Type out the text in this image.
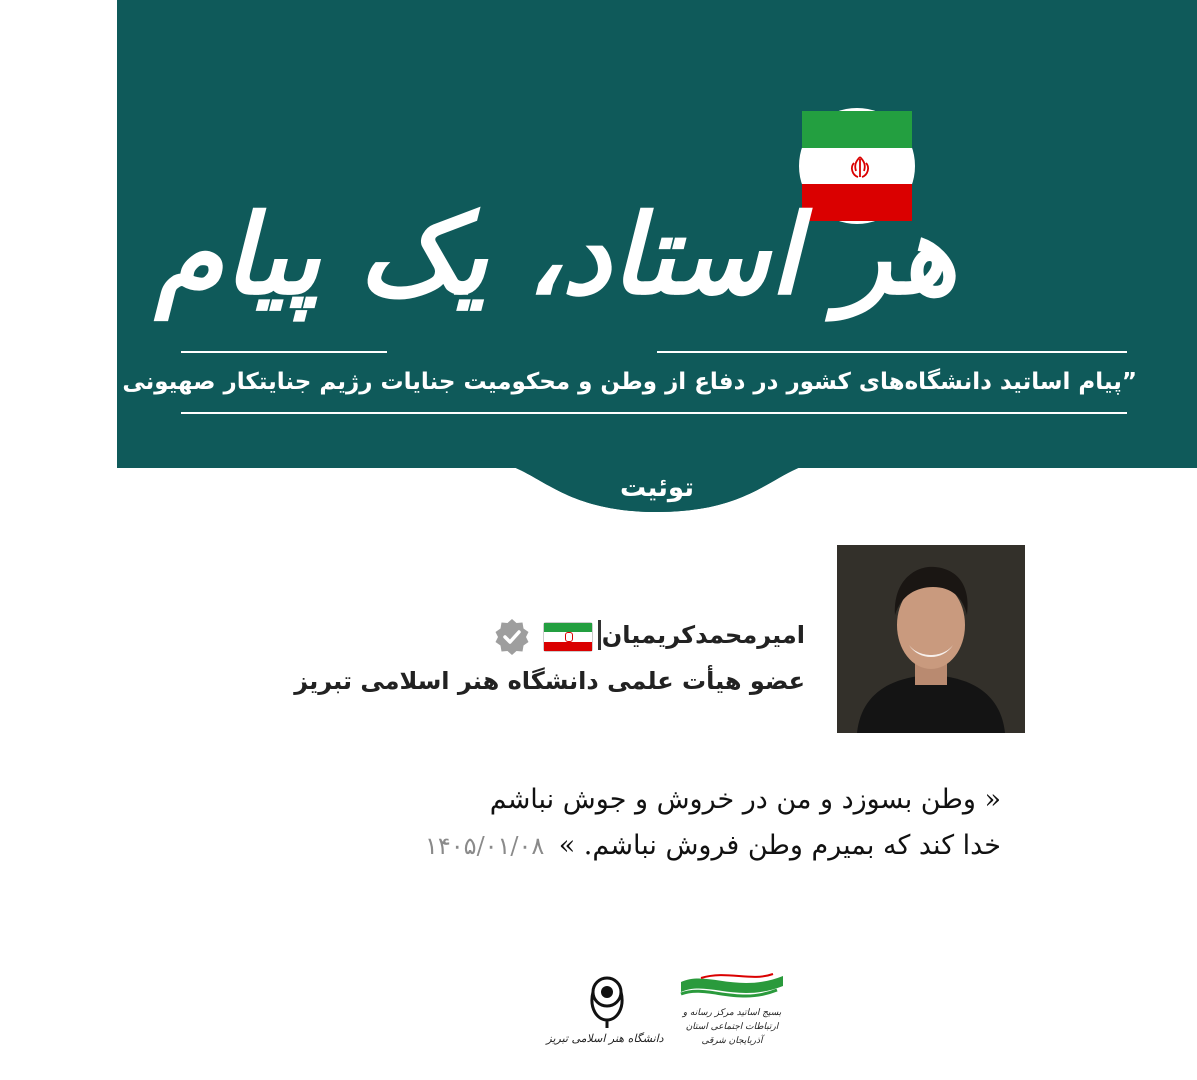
توئیت
هر استاد، یک پیام
”پیام اساتید دانشگاه‌های کشور در دفاع از وطن و محکومیت جنایات رژیم جنایتکار صهیونی آمریکایی“
امیرمحمدکریمیان
عضو هیأت علمی دانشگاه هنر اسلامی تبریز
« وطن بسوزد و من در خروش و جوش نباشم
خدا کند که بمیرم وطن فروش نباشم. »
۱۴۰۵/۰۱/۰۸
دانشگاه هنر اسلامی تبریز
بسیج اساتید مرکز رسانه و ارتباطات اجتماعی استان آذربایجان شرقی
